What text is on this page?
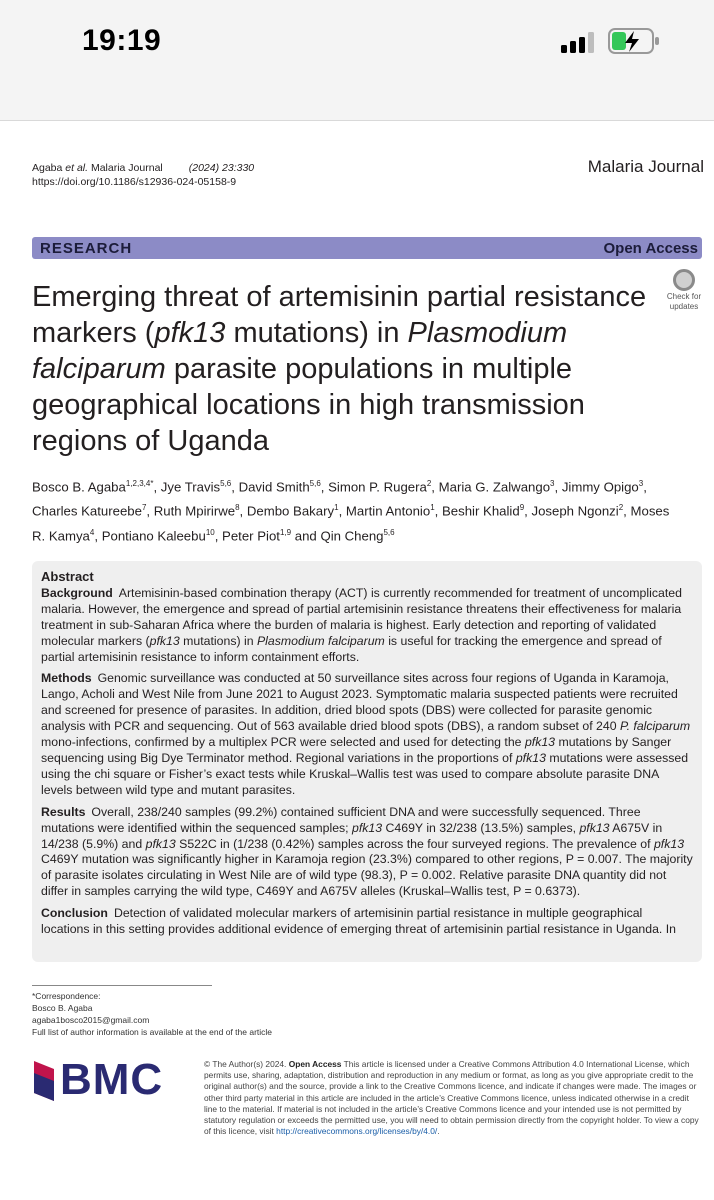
19:19
Agaba et al. Malaria Journal (2024) 23:330
https://doi.org/10.1186/s12936-024-05158-9
Malaria Journal
RESEARCH	Open Access
Check for
updates
Emerging threat of artemisinin partial resistance markers (pfk13 mutations) in Plasmodium falciparum parasite populations in multiple geographical locations in high transmission regions of Uganda
Bosco B. Agaba$^{1,2,3,4*}$, Jye Travis$^{5,6}$, David Smith$^{5,6}$, Simon P. Rugera$^2$, Maria G. Zalwango$^3$, Jimmy Opigo$^3$, Charles Katureebe$^7$, Ruth Mpirirwe$^8$, Dembo Bakary$^1$, Martin Antonio$^1$, Beshir Khalid$^9$, Joseph Ngonzi$^2$, Moses R. Kamya$^4$, Pontiano Kaleebu$^{10}$, Peter Piot$^{1,9}$ and Qin Cheng$^{5,6}$
Abstract

Background Artemisinin-based combination therapy (ACT) is currently recommended for treatment of uncomplicated malaria. However, the emergence and spread of partial artemisinin resistance threatens their effectiveness for malaria treatment in sub-Saharan Africa where the burden of malaria is highest. Early detection and reporting of validated molecular markers (pfk13 mutations) in Plasmodium falciparum is useful for tracking the emergence and spread of partial artemisinin resistance to inform containment efforts.

Methods Genomic surveillance was conducted at 50 surveillance sites across four regions of Uganda in Karamoja, Lango, Acholi and West Nile from June 2021 to August 2023. Symptomatic malaria suspected patients were recruited and screened for presence of parasites. In addition, dried blood spots (DBS) were collected for parasite genomic analysis with PCR and sequencing. Out of 563 available dried blood spots (DBS), a random subset of 240 P. falciparum mono-infections, confirmed by a multiplex PCR were selected and used for detecting the pfk13 mutations by Sanger sequencing using Big Dye Terminator method. Regional variations in the proportions of pfk13 mutations were assessed using the chi square or Fisher’s exact tests while Kruskal–Wallis test was used to compare absolute parasite DNA levels between wild type and mutant parasites.

Results Overall, 238/240 samples (99.2%) contained sufficient DNA and were successfully sequenced. Three mutations were identified within the sequenced samples; pfk13 C469Y in 32/238 (13.5%) samples, pfk13 A675V in 14/238 (5.9%) and pfk13 S522C in (1/238 (0.42%) samples across the four surveyed regions. The prevalence of pfk13 C469Y mutation was significantly higher in Karamoja region (23.3%) compared to other regions, P = 0.007. The majority of parasite isolates circulating in West Nile are of wild type (98.3), P = 0.002. Relative parasite DNA quantity did not differ in samples carrying the wild type, C469Y and A675V alleles (Kruskal–Wallis test, P = 0.6373).

Conclusion Detection of validated molecular markers of artemisinin partial resistance in multiple geographical locations in this setting provides additional evidence of emerging threat of artemisinin partial resistance in Uganda. In

*Correspondence:
Bosco B. Agaba
agaba1bosco2015@gmail.com
Full list of author information is available at the end of the article
BMC	© The Author(s) 2024. Open Access This article is licensed under a Creative Commons Attribution 4.0 International License, which permits use, sharing, adaptation, distribution and reproduction in any medium or format, as long as you give appropriate credit to the original author(s) and the source, provide a link to the Creative Commons licence, and indicate if changes were made. The images or other third party material in this article are included in the article’s Creative Commons licence, unless indicated otherwise in a credit line to the material. If material is not included in the article’s Creative Commons licence and your intended use is not permitted by statutory regulation or exceeds the permitted use, you will need to obtain permission directly from the copyright holder. To view a copy of this licence, visit http://creativecommons.org/licenses/by/4.0/.
